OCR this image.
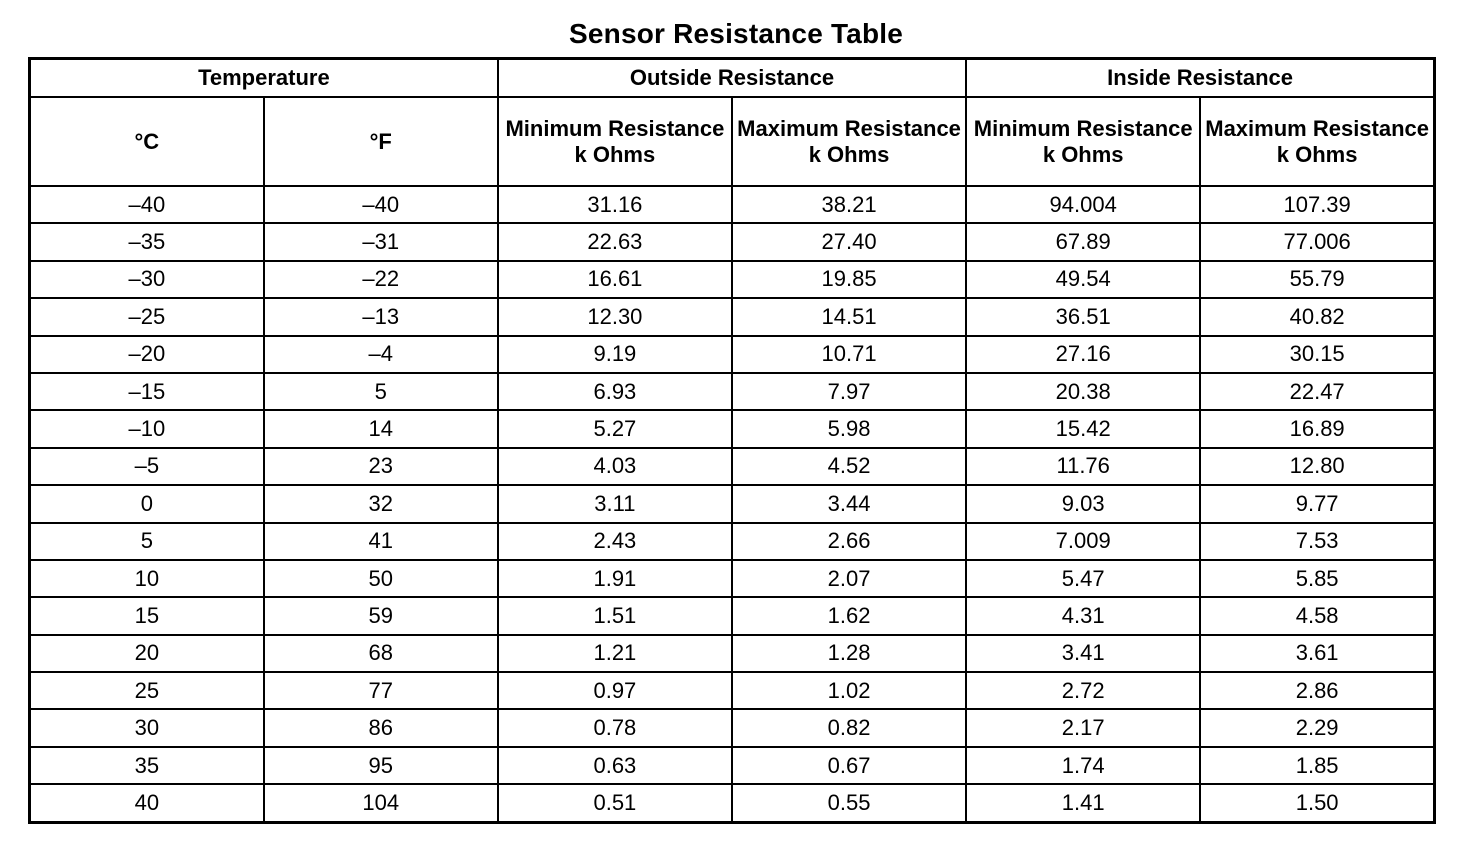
Sensor Resistance Table
Temperature		Outside Resistance		Inside Resistance	
°C	°F	Minimum Resistance k Ohms	Maximum Resistance k Ohms	Minimum Resistance k Ohms	Maximum Resistance k Ohms
–40	–40	31.16	38.21	94.004	107.39
–35	–31	22.63	27.40	67.89	77.006
–30	–22	16.61	19.85	49.54	55.79
–25	–13	12.30	14.51	36.51	40.82
–20	–4	9.19	10.71	27.16	30.15
–15	5	6.93	7.97	20.38	22.47
–10	14	5.27	5.98	15.42	16.89
–5	23	4.03	4.52	11.76	12.80
0	32	3.11	3.44	9.03	9.77
5	41	2.43	2.66	7.009	7.53
10	50	1.91	2.07	5.47	5.85
15	59	1.51	1.62	4.31	4.58
20	68	1.21	1.28	3.41	3.61
25	77	0.97	1.02	2.72	2.86
30	86	0.78	0.82	2.17	2.29
35	95	0.63	0.67	1.74	1.85
40	104	0.51	0.55	1.41	1.50
